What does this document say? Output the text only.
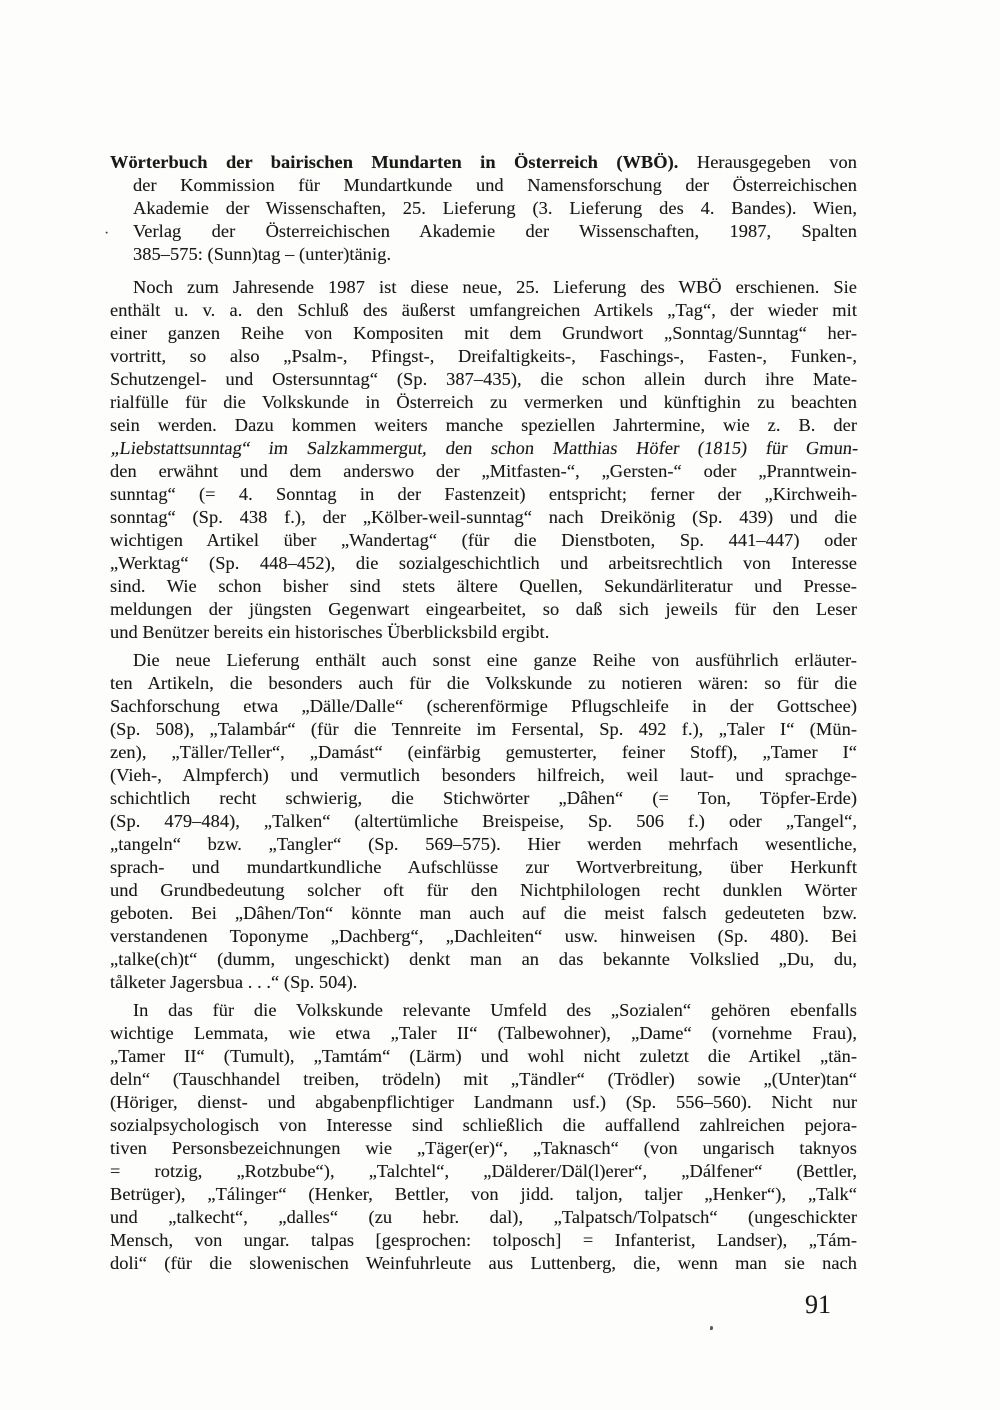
·
Wörterbuch der bairischen Mundarten in Österreich (WBÖ). Herausgegeben von
der Kommission für Mundartkunde und Namensforschung der Österreichischen
Akademie der Wissenschaften, 25. Lieferung (3. Lieferung des 4. Bandes). Wien,
Verlag der Österreichischen Akademie der Wissenschaften, 1987, Spalten
385–575: (Sunn)tag – (unter)tänig.
Noch zum Jahresende 1987 ist diese neue, 25. Lieferung des WBÖ erschienen. Sie
enthält u. v. a. den Schluß des äußerst umfangreichen Artikels „Tag“, der wieder mit
einer ganzen Reihe von Kompositen mit dem Grundwort „Sonntag/Sunntag“ her-
vortritt, so also „Psalm-, Pfingst-, Dreifaltigkeits-, Faschings-, Fasten-, Funken-,
Schutzengel- und Ostersunntag“ (Sp. 387–435), die schon allein durch ihre Mate-
rialfülle für die Volkskunde in Österreich zu vermerken und künftighin zu beachten
sein werden. Dazu kommen weiters manche speziellen Jahrtermine, wie z. B. der
„Liebstattsunntag“ im Salzkammergut, den schon Matthias Höfer (1815) für Gmun-
den erwähnt und dem anderswo der „Mitfasten-“, „Gersten-“ oder „Pranntwein-
sunntag“ (= 4. Sonntag in der Fastenzeit) entspricht; ferner der „Kirchweih-
sonntag“ (Sp. 438 f.), der „Kölber-weil-sunntag“ nach Dreikönig (Sp. 439) und die
wichtigen Artikel über „Wandertag“ (für die Dienstboten, Sp. 441–447) oder
„Werktag“ (Sp. 448–452), die sozialgeschichtlich und arbeitsrechtlich von Interesse
sind. Wie schon bisher sind stets ältere Quellen, Sekundärliteratur und Presse-
meldungen der jüngsten Gegenwart eingearbeitet, so daß sich jeweils für den Leser
und Benützer bereits ein historisches Überblicksbild ergibt.
Die neue Lieferung enthält auch sonst eine ganze Reihe von ausführlich erläuter-
ten Artikeln, die besonders auch für die Volkskunde zu notieren wären: so für die
Sachforschung etwa „Dälle/Dalle“ (scherenförmige Pflugschleife in der Gottschee)
(Sp. 508), „Talambár“ (für die Tennreite im Fersental, Sp. 492 f.), „Taler I“ (Mün-
zen), „Täller/Teller“, „Damást“ (einfärbig gemusterter, feiner Stoff), „Tamer I“
(Vieh-, Almpferch) und vermutlich besonders hilfreich, weil laut- und sprachge-
schichtlich recht schwierig, die Stichwörter „Dâhen“ (= Ton, Töpfer-Erde)
(Sp. 479–484), „Talken“ (altertümliche Breispeise, Sp. 506 f.) oder „Tangel“,
„tangeln“ bzw. „Tangler“ (Sp. 569–575). Hier werden mehrfach wesentliche,
sprach- und mundartkundliche Aufschlüsse zur Wortverbreitung, über Herkunft
und Grundbedeutung solcher oft für den Nichtphilologen recht dunklen Wörter
geboten. Bei „Dâhen/Ton“ könnte man auch auf die meist falsch gedeuteten bzw.
verstandenen Toponyme „Dachberg“, „Dachleiten“ usw. hinweisen (Sp. 480). Bei
„talke(ch)t“ (dumm, ungeschickt) denkt man an das bekannte Volkslied „Du, du,
tålketer Jagersbua . . .“ (Sp. 504).
In das für die Volkskunde relevante Umfeld des „Sozialen“ gehören ebenfalls
wichtige Lemmata, wie etwa „Taler II“ (Talbewohner), „Dame“ (vornehme Frau),
„Tamer II“ (Tumult), „Tamtám“ (Lärm) und wohl nicht zuletzt die Artikel „tän-
deln“ (Tauschhandel treiben, trödeln) mit „Tändler“ (Trödler) sowie „(Unter)tan“
(Höriger, dienst- und abgabenpflichtiger Landmann usf.) (Sp. 556–560). Nicht nur
sozialpsychologisch von Interesse sind schließlich die auffallend zahlreichen pejora-
tiven Personsbezeichnungen wie „Täger(er)“, „Taknasch“ (von ungarisch taknyos
= rotzig, „Rotzbube“), „Talchtel“, „Dälderer/Däl(l)erer“, „Dálfener“ (Bettler,
Betrüger), „Tálinger“ (Henker, Bettler, von jidd. taljon, taljer „Henker“), „Talk“
und „talkecht“, „dalles“ (zu hebr. dal), „Talpatsch/Tolpatsch“ (ungeschickter
Mensch, von ungar. talpas [gesprochen: tolposch] = Infanterist, Landser), „Tám-
doli“ (für die slowenischen Weinfuhrleute aus Luttenberg, die, wenn man sie nach
91
